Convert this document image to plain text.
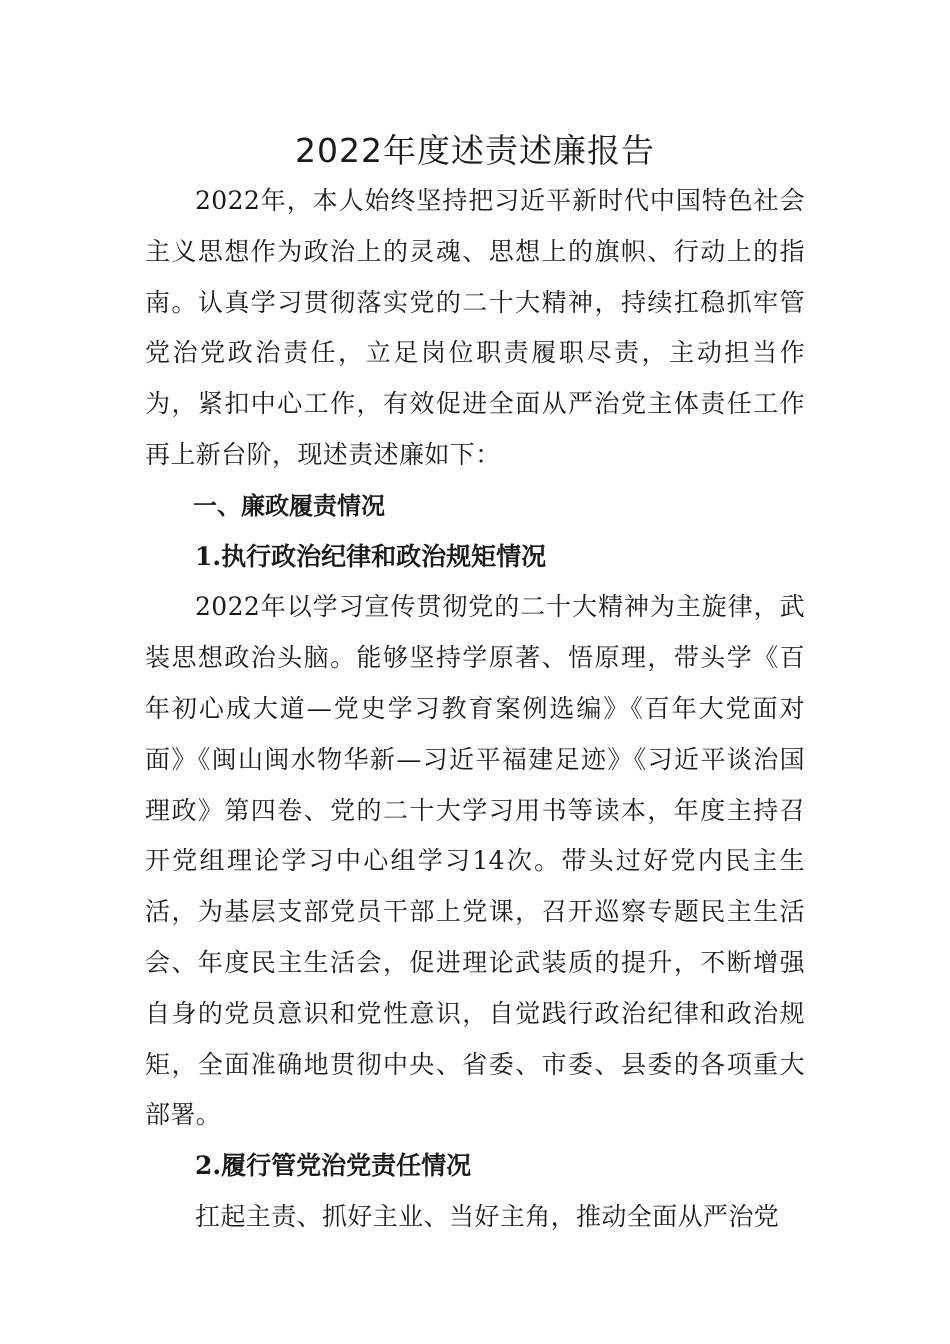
2022年度述责述廉报告

2022年，本人始终坚持把习近平新时代中国特色社会主义思想作为政治上的灵魂、思想上的旗帜、行动上的指南。认真学习贯彻落实党的二十大精神，持续扛稳抓牢管党治党政治责任，立足岗位职责履职尽责，主动担当作为，紧扣中心工作，有效促进全面从严治党主体责任工作再上新台阶，现述责述廉如下：

一、廉政履责情况
1.执行政治纪律和政治规矩情况

2022年以学习宣传贯彻党的二十大精神为主旋律，武装思想政治头脑。能够坚持学原著、悟原理，带头学《百年初心成大道—党史学习教育案例选编》《百年大党面对面》《闽山闽水物华新—习近平福建足迹》《习近平谈治国理政》第四卷、党的二十大学习用书等读本，年度主持召开党组理论学习中心组学习14次。带头过好党内民主生活，为基层支部党员干部上党课，召开巡察专题民主生活会、年度民主生活会，促进理论武装质的提升，不断增强自身的党员意识和党性意识，自觉践行政治纪律和政治规矩，全面准确地贯彻中央、省委、市委、县委的各项重大部署。

2.履行管党治党责任情况

扛起主责、抓好主业、当好主角，推动全面从严治党
